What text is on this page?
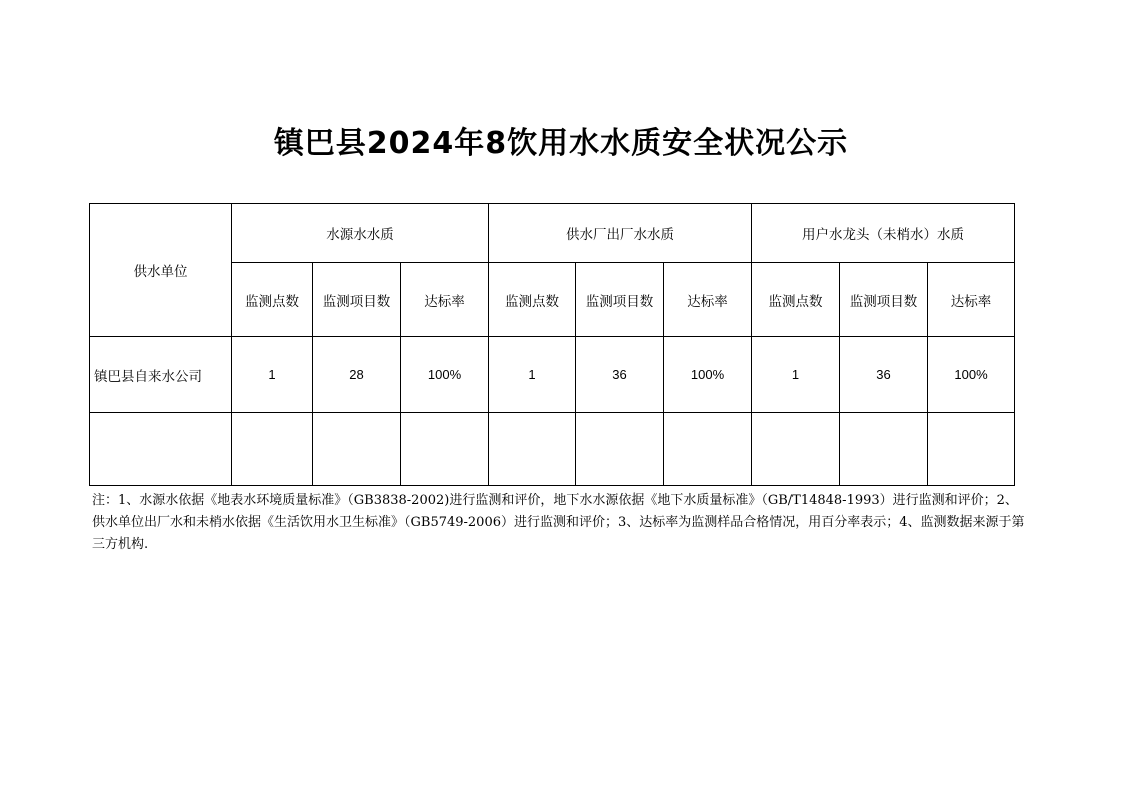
镇巴县2024年8饮用水水质安全状况公示
供水单位	水源水水质			供水厂出厂水水质			用户水龙头（未梢水）水质		
	监测点数	监测项目数	达标率	监测点数	监测项目数	达标率	监测点数	监测项目数	达标率
镇巴县自来水公司	1	28	100%	1	36	100%	1	36	100%

注：1、水源水依据《地表水环境质量标准》（GB3838-2002)进行监测和评价，地下水水源依据《地下水质量标准》（GB/T14848-1993）进行监测和评价；2、供水单位出厂水和未梢水依据《生活饮用水卫生标准》（GB5749-2006）进行监测和评价；3、达标率为监测样品合格情况，用百分率表示；4、监测数据来源于第三方机构.
